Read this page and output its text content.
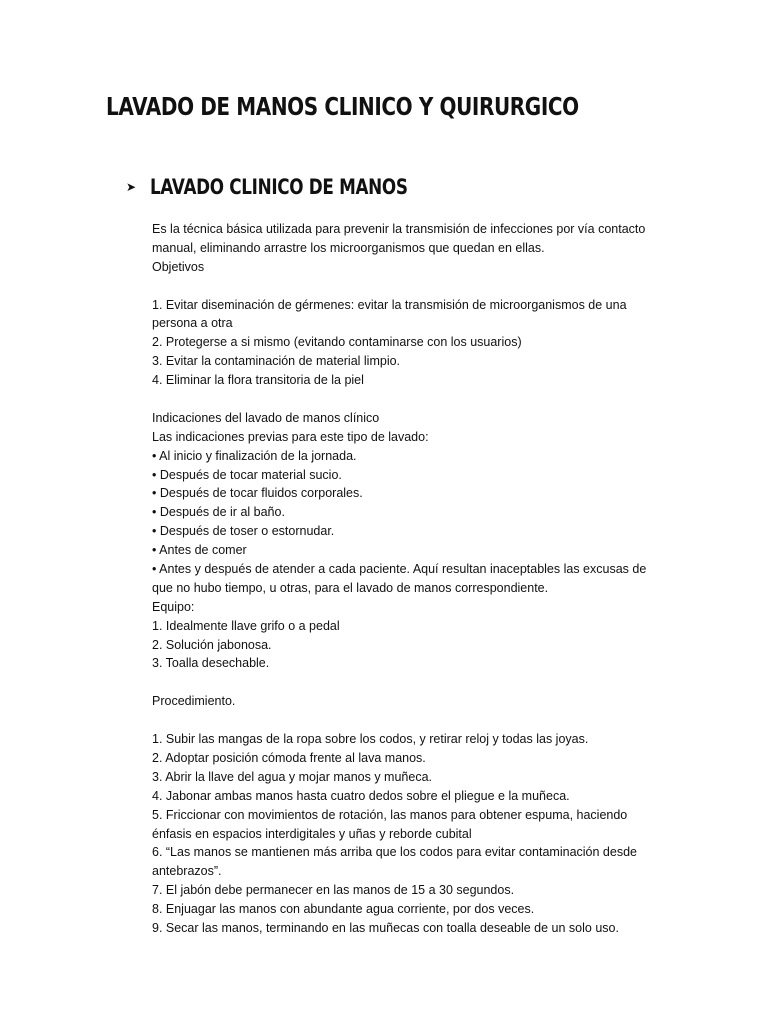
LAVADO DE MANOS CLINICO Y QUIRURGICO
➤ LAVADO CLINICO DE MANOS
Es la técnica básica utilizada para prevenir la transmisión de infecciones por vía contacto
manual, eliminando arrastre los microorganismos que quedan en ellas.
Objetivos
1. Evitar diseminación de gérmenes: evitar la transmisión de microorganismos de una
persona a otra
2. Protegerse a si mismo (evitando contaminarse con los usuarios)
3. Evitar la contaminación de material limpio.
4. Eliminar la flora transitoria de la piel
Indicaciones del lavado de manos clínico
Las indicaciones previas para este tipo de lavado:
• Al inicio y finalización de la jornada.
• Después de tocar material sucio.
• Después de tocar fluidos corporales.
• Después de ir al baño.
• Después de toser o estornudar.
• Antes de comer
• Antes y después de atender a cada paciente. Aquí resultan inaceptables las excusas de
que no hubo tiempo, u otras, para el lavado de manos correspondiente.
Equipo:
1. Idealmente llave grifo o a pedal
2. Solución jabonosa.
3. Toalla desechable.
Procedimiento.
1. Subir las mangas de la ropa sobre los codos, y retirar reloj y todas las joyas.
2. Adoptar posición cómoda frente al lava manos.
3. Abrir la llave del agua y mojar manos y muñeca.
4. Jabonar ambas manos hasta cuatro dedos sobre el pliegue e la muñeca.
5. Friccionar con movimientos de rotación, las manos para obtener espuma, haciendo
énfasis en espacios interdigitales y uñas y reborde cubital
6. “Las manos se mantienen más arriba que los codos para evitar contaminación desde
antebrazos”.
7. El jabón debe permanecer en las manos de 15 a 30 segundos.
8. Enjuagar las manos con abundante agua corriente, por dos veces.
9. Secar las manos, terminando en las muñecas con toalla deseable de un solo uso.
